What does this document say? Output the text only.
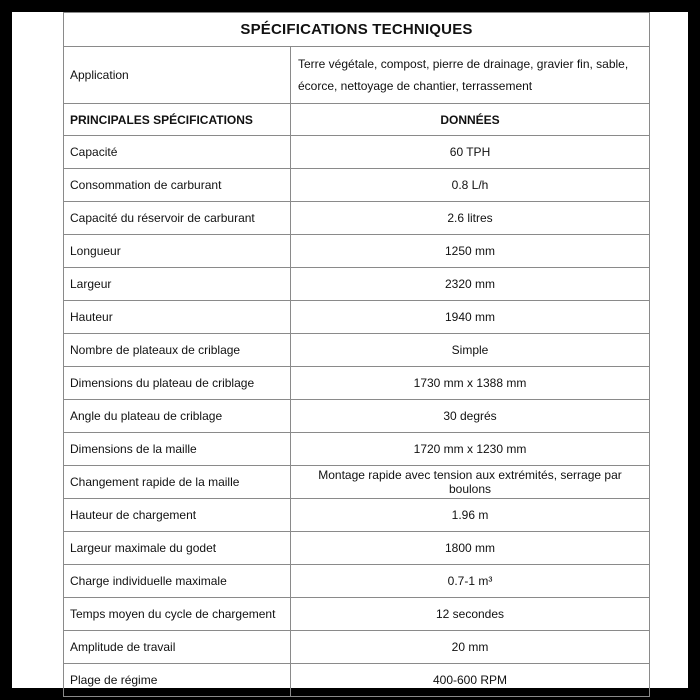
SPÉCIFICATIONS TECHNIQUES	
Application	Terre végétale, compost, pierre de drainage, gravier fin, sable, écorce, nettoyage de chantier, terrassement
PRINCIPALES SPÉCIFICATIONS	DONNÉES
Capacité	60 TPH
Consommation de carburant	0.8 L/h
Capacité du réservoir de carburant	2.6 litres
Longueur	1250 mm
Largeur	2320 mm
Hauteur	1940 mm
Nombre de plateaux de criblage	Simple
Dimensions du plateau de criblage	1730 mm x 1388 mm
Angle du plateau de criblage	30 degrés
Dimensions de la maille	1720 mm x 1230 mm
Changement rapide de la maille	Montage rapide avec tension aux extrémités, serrage par boulons
Hauteur de chargement	1.96 m
Largeur maximale du godet	1800 mm
Charge individuelle maximale	0.7-1 m³
Temps moyen du cycle de chargement	12 secondes
Amplitude de travail	20 mm
Plage de régime	400-600 RPM
